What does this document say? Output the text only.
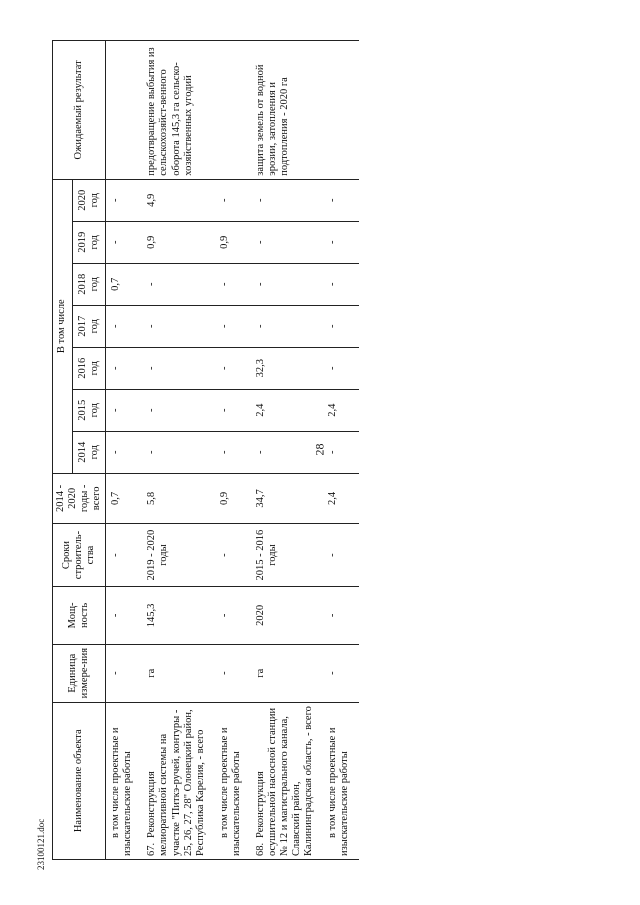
28
Наименование объекта	Единица измере-ния	Мощ-ность	Сроки строитель-ства	2014 - 2020 годы - всего	В том числе							Ожидаемый результат
					2014 год	2015 год	2016 год	2017 год	2018 год	2019 год	2020 год	
в том числе проектные и изыскательские работы	-	-	-	0,7	-	-	-	-	0,7	-	-	
67.Реконструкция мелиоративной системы на участке "Питкэ-ручей, контуры - 25, 26, 27, 28" Олонецкий район, Республика Карелия, - всего	га	145,3	2019 - 2020 годы	5,8	-	-	-	-	-	0,9	4,9	предотвращение выбытия из сельскохозяйст-венного оборота 145,3 га сельско-хозяйственных угодий
в том числе проектные и изыскательские работы	-	-	-	0,9	-	-	-	-	-	0,9	-	
68.Реконструкция осушительной насосной станции № 12 и магистрального канала, Славский район, Калининградская область, - всего	га	2020	2015 - 2016 годы	34,7	-	2,4	32,3	-	-	-	-	защита земель от водной эрозии, затопления и подтопления - 2020 га
в том числе проектные и изыскательские работы	-	-	-	2,4	-	2,4	-	-	-	-	-	
23100121.doc
